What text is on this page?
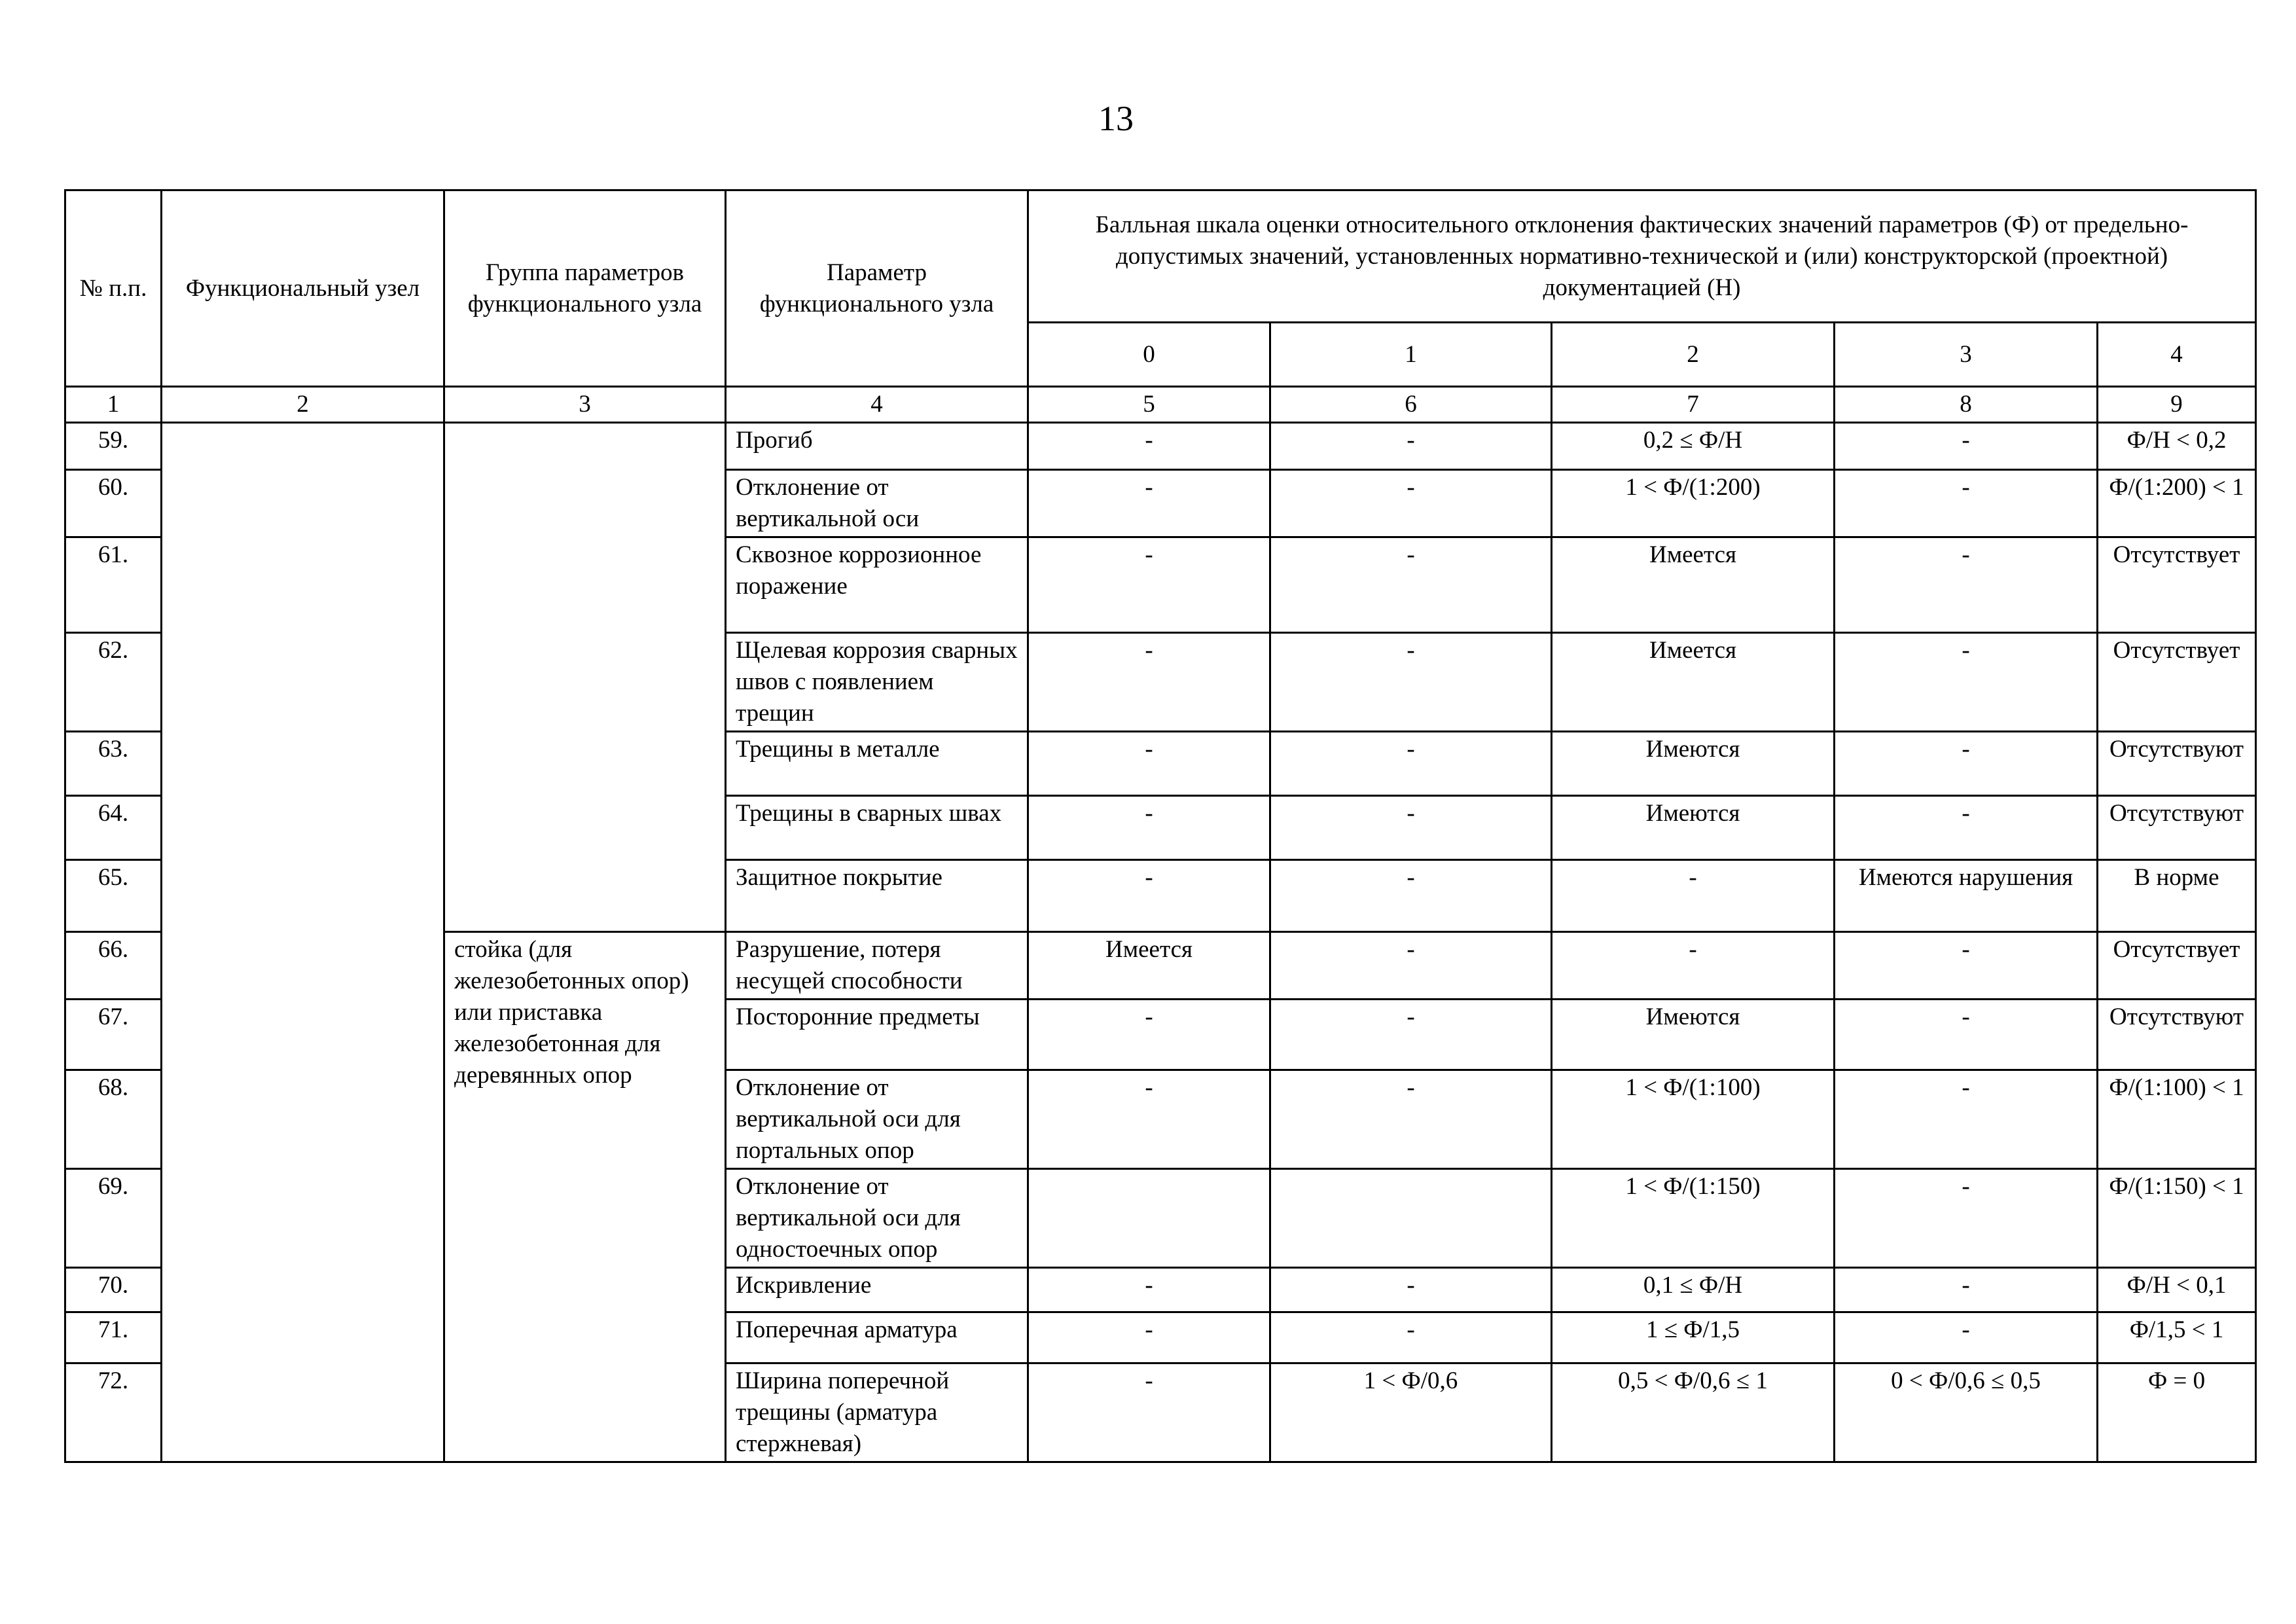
13
№ п.п.	Функциональный узел	Группа параметров функционального узла	Параметр функционального узла	Балльная шкала оценки относительного отклонения фактических значений параметров (Ф) от предельно-допустимых значений, установленных нормативно-технической и (или) конструкторской (проектной) документацией (Н)				
				0	1	2	3	4
1	2	3	4	5	6	7	8	9
59.			Прогиб	-	-	0,2 ≤ Ф/Н	-	Ф/Н < 0,2
60.			Отклонение от вертикальной оси	-	-	1 < Ф/(1:200)	-	Ф/(1:200) < 1
61.			Сквозное коррозионное поражение	-	-	Имеется	-	Отсутствует
62.			Щелевая коррозия сварных швов с появлением трещин	-	-	Имеется	-	Отсутствует
63.			Трещины в металле	-	-	Имеются	-	Отсутствуют
64.			Трещины в сварных швах	-	-	Имеются	-	Отсутствуют
65.			Защитное покрытие	-	-	-	Имеются нарушения	В норме
66.		стойка (для железобетонных опор) или приставка железобетонная для деревянных опор	Разрушение, потеря несущей способности	Имеется	-	-	-	Отсутствует
67.			Посторонние предметы	-	-	Имеются	-	Отсутствуют
68.			Отклонение от вертикальной оси для портальных опор	-	-	1 < Ф/(1:100)	-	Ф/(1:100) < 1
69.			Отклонение от вертикальной оси для одностоечных опор			1 < Ф/(1:150)	-	Ф/(1:150) < 1
70.			Искривление	-	-	0,1 ≤ Ф/Н	-	Ф/Н < 0,1
71.			Поперечная арматура	-	-	1 ≤ Ф/1,5	-	Ф/1,5 < 1
72.			Ширина поперечной трещины (арматура стержневая)	-	1 < Ф/0,6	0,5 < Ф/0,6 ≤ 1	0 < Ф/0,6 ≤ 0,5	Ф = 0
